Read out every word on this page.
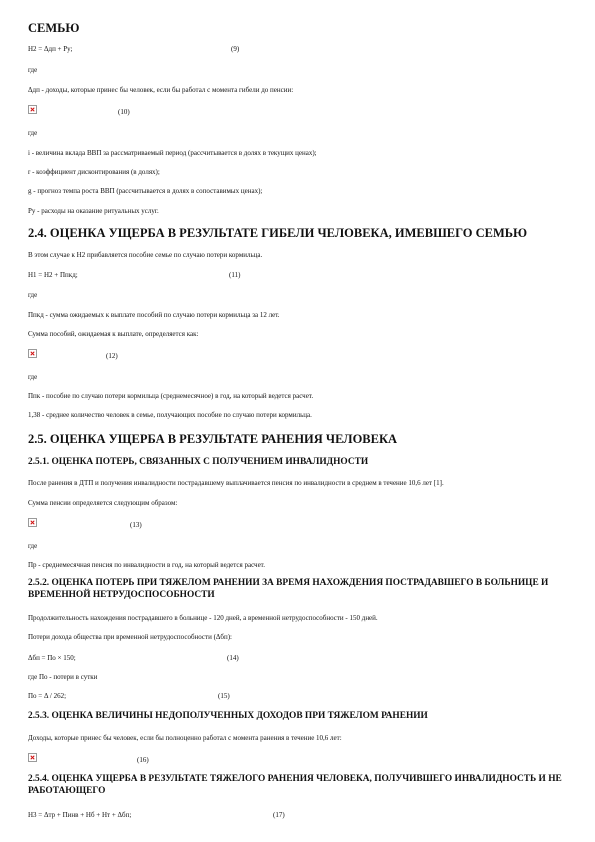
СЕМЬЮ
Н2 = Δдп + Ру;	(9)
где
Δдп - доходы, которые принес бы человек, если бы работал с момента гибели до пенсии:
(10)
где
i - величина вклада ВВП за рассматриваемый период (рассчитывается в долях в текущих ценах);
r - коэффициент дисконтирования (в долях);
g - прогноз темпа роста ВВП (рассчитывается в долях в сопоставимых ценах);
Ру - расходы на оказание ритуальных услуг.
2.4. ОЦЕНКА УЩЕРБА В РЕЗУЛЬТАТЕ ГИБЕЛИ ЧЕЛОВЕКА, ИМЕВШЕГО СЕМЬЮ
В этом случае к Н2 прибавляется пособие семье по случаю потери кормильца.
Н1 = Н2 + Ппкд;	(11)
где
Ппкд - сумма ожидаемых к выплате пособий по случаю потери кормильца за 12 лет.
Сумма пособий, ожидаемая к выплате, определяется как:
(12)
где
Ппк - пособие по случаю потери кормильца (среднемесячное) в год, на который ведется расчет.
1,38 - среднее количество человек в семье, получающих пособие по случаю потери кормильца.
2.5. ОЦЕНКА УЩЕРБА В РЕЗУЛЬТАТЕ РАНЕНИЯ ЧЕЛОВЕКА
2.5.1. ОЦЕНКА ПОТЕРЬ, СВЯЗАННЫХ С ПОЛУЧЕНИЕМ ИНВАЛИДНОСТИ
После ранения в ДТП и получения инвалидности пострадавшему выплачивается пенсия по инвалидности в среднем в течение 10,6 лет [1].
Сумма пенсии определяется следующим образом:
(13)
где
Пр - среднемесячная пенсия по инвалидности в год, на который ведется расчет.
2.5.2. ОЦЕНКА ПОТЕРЬ ПРИ ТЯЖЕЛОМ РАНЕНИИ ЗА ВРЕМЯ НАХОЖДЕНИЯ ПОСТРАДАВШЕГО В БОЛЬНИЦЕ И ВРЕМЕННОЙ НЕТРУДОСПОСОБНОСТИ
Продолжительность нахождения пострадавшего в больнице - 120 дней, а временной нетрудоспособности - 150 дней.
Потери дохода общества при временной нетрудоспособности (Δбп):
Δбп = По × 150;	(14)
где По - потери в сутки
По = Δ / 262;	(15)
2.5.3. ОЦЕНКА ВЕЛИЧИНЫ НЕДОПОЛУЧЕННЫХ ДОХОДОВ ПРИ ТЯЖЕЛОМ РАНЕНИИ
Доходы, которые принес бы человек, если бы полноценно работал с момента ранения в течение 10,6 лет:
(16)
2.5.4. ОЦЕНКА УЩЕРБА В РЕЗУЛЬТАТЕ ТЯЖЕЛОГО РАНЕНИЯ ЧЕЛОВЕКА, ПОЛУЧИВШЕГО ИНВАЛИДНОСТЬ И НЕ РАБОТАЮЩЕГО
Н3 = Δтр + Пинв + Нб + Нт + Δбп;	(17)
